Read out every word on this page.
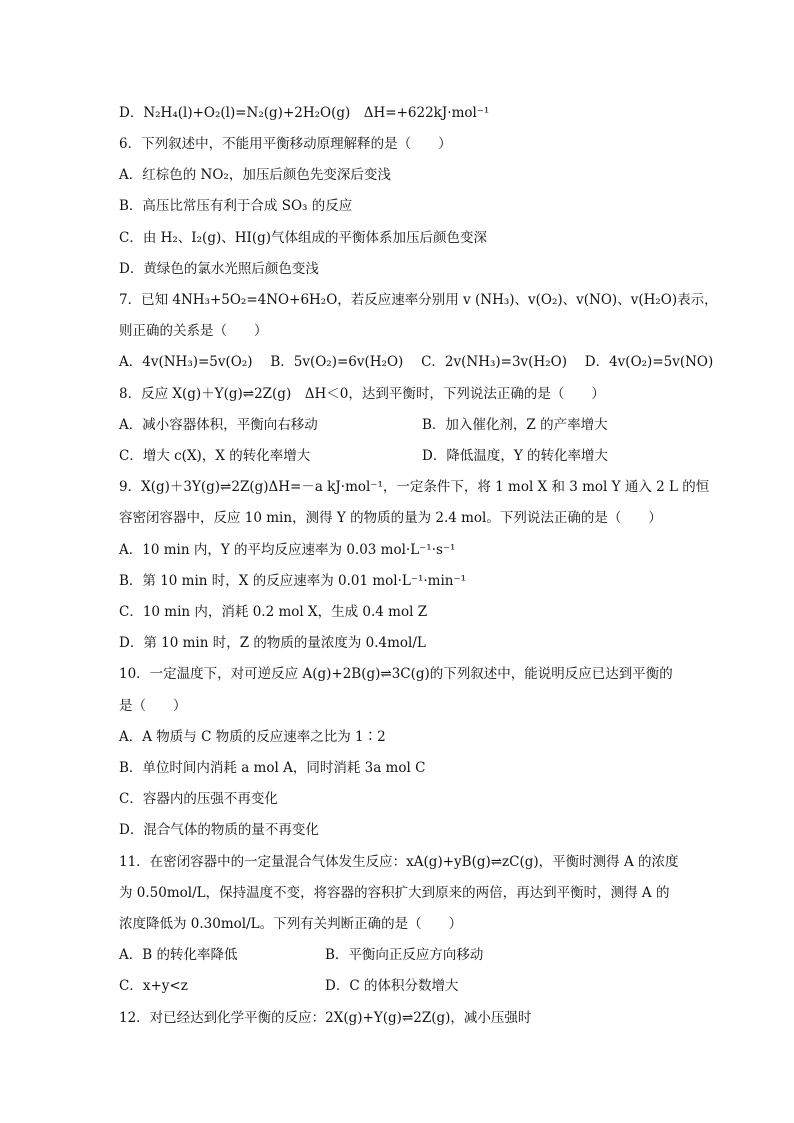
D．N₂H₄(l)+O₂(l)=N₂(g)+2H₂O(g)　ΔH=+622kJ·mol⁻¹
6．下列叙述中，不能用平衡移动原理解释的是（　　）
A．红棕色的 NO₂，加压后颜色先变深后变浅
B．高压比常压有利于合成 SO₃ 的反应
C．由 H₂、I₂(g)、HI(g)气体组成的平衡体系加压后颜色变深
D．黄绿色的氯水光照后颜色变浅
7．已知 4NH₃+5O₂=4NO+6H₂O，若反应速率分别用 v (NH₃)、v(O₂)、v(NO)、v(H₂O)表示，
则正确的关系是（　　）
A．4v(NH₃)=5v(O₂)　 B．5v(O₂)=6v(H₂O)　 C．2v(NH₃)=3v(H₂O)　 D．4v(O₂)=5v(NO)
8．反应 X(g)＋Y(g)⇌2Z(g)　ΔH＜0，达到平衡时，下列说法正确的是（　　）
A．减小容器体积，平衡向右移动	B．加入催化剂，Z 的产率增大
C．增大 c(X)，X 的转化率增大	D．降低温度，Y 的转化率增大
9．X(g)＋3Y(g)⇌2Z(g)ΔH=－a kJ·mol⁻¹，一定条件下，将 1 mol X 和 3 mol Y 通入 2 L 的恒
容密闭容器中，反应 10 min，测得 Y 的物质的量为 2.4 mol。下列说法正确的是（　　）
A．10 min 内，Y 的平均反应速率为 0.03 mol·L⁻¹·s⁻¹
B．第 10 min 时，X 的反应速率为 0.01 mol·L⁻¹·min⁻¹
C．10 min 内，消耗 0.2 mol X，生成 0.4 mol Z
D．第 10 min 时，Z 的物质的量浓度为 0.4mol/L
10．一定温度下，对可逆反应 A(g)+2B(g)⇌3C(g)的下列叙述中，能说明反应已达到平衡的
是（　　）
A．A 物质与 C 物质的反应速率之比为 1∶2
B．单位时间内消耗 a mol A，同时消耗 3a mol C
C．容器内的压强不再变化
D．混合气体的物质的量不再变化
11．在密闭容器中的一定量混合气体发生反应：xA(g)+yB(g)⇌zC(g)，平衡时测得 A 的浓度
为 0.50mol/L，保持温度不变，将容器的容积扩大到原来的两倍，再达到平衡时，测得 A 的
浓度降低为 0.30mol/L。下列有关判断正确的是（　　）
A．B 的转化率降低	B．平衡向正反应方向移动
C．x+y<z	D．C 的体积分数增大
12．对已经达到化学平衡的反应：2X(g)+Y(g)⇌2Z(g)，减小压强时
